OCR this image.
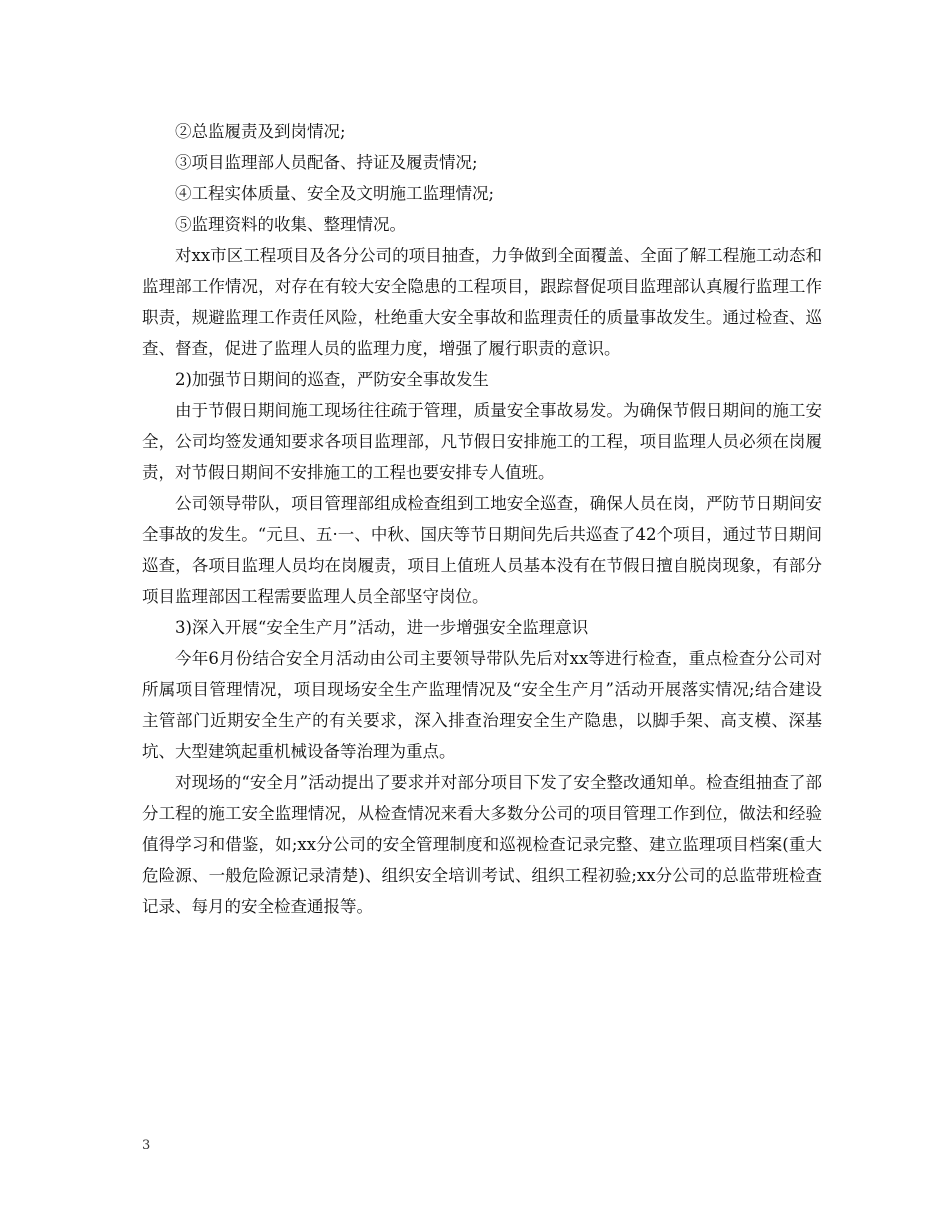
②总监履责及到岗情况;

③项目监理部人员配备、持证及履责情况;

④工程实体质量、安全及文明施工监理情况;

⑤监理资料的收集、整理情况。

对xx市区工程项目及各分公司的项目抽查，力争做到全面覆盖、全面了解工程施工动态和监理部工作情况，对存在有较大安全隐患的工程项目，跟踪督促项目监理部认真履行监理工作职责，规避监理工作责任风险，杜绝重大安全事故和监理责任的质量事故发生。通过检查、巡查、督查，促进了监理人员的监理力度，增强了履行职责的意识。

2)加强节日期间的巡查，严防安全事故发生

由于节假日期间施工现场往往疏于管理，质量安全事故易发。为确保节假日期间的施工安全，公司均签发通知要求各项目监理部，凡节假日安排施工的工程，项目监理人员必须在岗履责，对节假日期间不安排施工的工程也要安排专人值班。

公司领导带队，项目管理部组成检查组到工地安全巡查，确保人员在岗，严防节日期间安全事故的发生。“元旦、五·一、中秋、国庆等节日期间先后共巡查了42个项目，通过节日期间巡查，各项目监理人员均在岗履责，项目上值班人员基本没有在节假日擅自脱岗现象，有部分项目监理部因工程需要监理人员全部坚守岗位。

3)深入开展“安全生产月”活动，进一步增强安全监理意识

今年6月份结合安全月活动由公司主要领导带队先后对xx等进行检查，重点检查分公司对所属项目管理情况，项目现场安全生产监理情况及“安全生产月”活动开展落实情况;结合建设主管部门近期安全生产的有关要求，深入排查治理安全生产隐患，以脚手架、高支模、深基坑、大型建筑起重机械设备等治理为重点。

对现场的“安全月”活动提出了要求并对部分项目下发了安全整改通知单。检查组抽查了部分工程的施工安全监理情况，从检查情况来看大多数分公司的项目管理工作到位，做法和经验值得学习和借鉴，如;xx分公司的安全管理制度和巡视检查记录完整、建立监理项目档案(重大危险源、一般危险源记录清楚)、组织安全培训考试、组织工程初验;xx分公司的总监带班检查记录、每月的安全检查通报等。

3
